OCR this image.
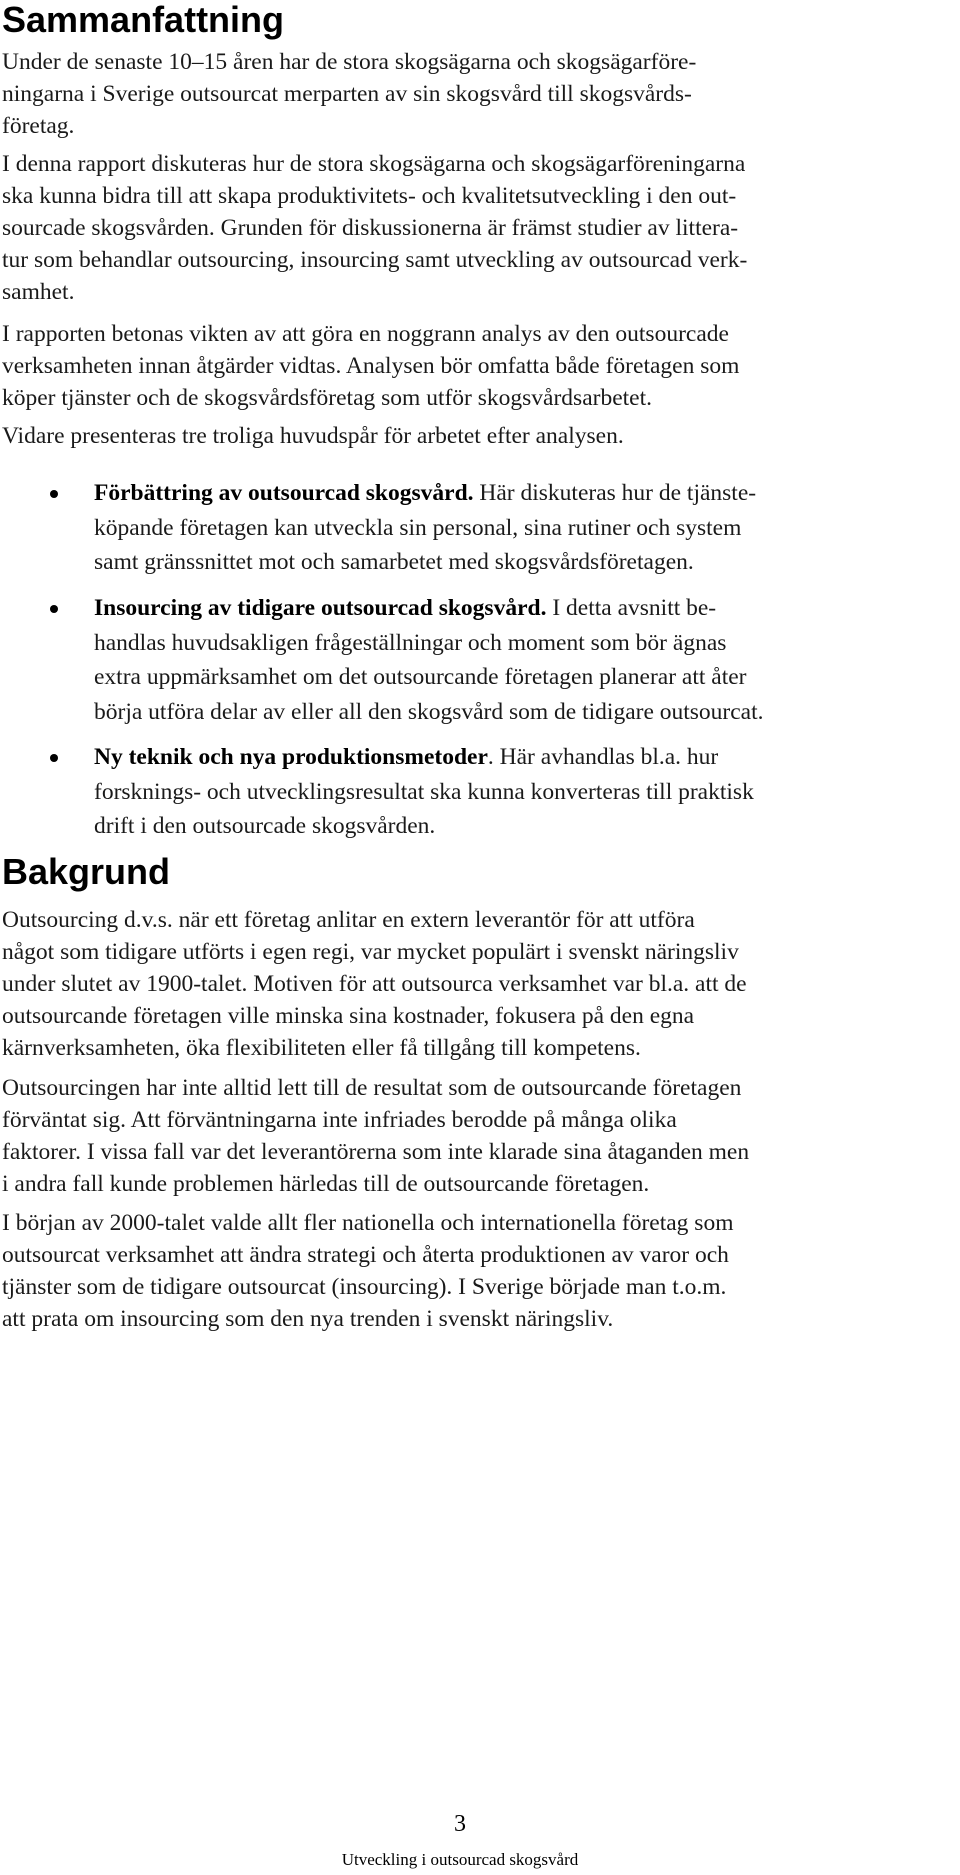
Sammanfattning

Under de senaste 10–15 åren har de stora skogsägarna och skogsägarföre-
ningarna i Sverige outsourcat merparten av sin skogsvård till skogsvårds-
företag.

I denna rapport diskuteras hur de stora skogsägarna och skogsägarföreningarna
ska kunna bidra till att skapa produktivitets- och kvalitetsutveckling i den out-
sourcade skogsvården. Grunden för diskussionerna är främst studier av littera-
tur som behandlar outsourcing, insourcing samt utveckling av outsourcad verk-
samhet.

I rapporten betonas vikten av att göra en noggrann analys av den outsourcade
verksamheten innan åtgärder vidtas. Analysen bör omfatta både företagen som
köper tjänster och de skogsvårdsföretag som utför skogsvårdsarbetet.

Vidare presenteras tre troliga huvudspår för arbetet efter analysen.

Förbättring av outsourcad skogsvård. Här diskuteras hur de tjänste-
köpande företagen kan utveckla sin personal, sina rutiner och system
samt gränssnittet mot och samarbetet med skogsvårdsföretagen.

Insourcing av tidigare outsourcad skogsvård. I detta avsnitt be-
handlas huvudsakligen frågeställningar och moment som bör ägnas
extra uppmärksamhet om det outsourcande företagen planerar att åter
börja utföra delar av eller all den skogsvård som de tidigare outsourcat.

Ny teknik och nya produktionsmetoder. Här avhandlas bl.a. hur
forsknings- och utvecklingsresultat ska kunna konverteras till praktisk
drift i den outsourcade skogsvården.

Bakgrund

Outsourcing d.v.s. när ett företag anlitar en extern leverantör för att utföra
något som tidigare utförts i egen regi, var mycket populärt i svenskt näringsliv
under slutet av 1900-talet. Motiven för att outsourca verksamhet var bl.a. att de
outsourcande företagen ville minska sina kostnader, fokusera på den egna
kärnverksamheten, öka flexibiliteten eller få tillgång till kompetens.

Outsourcingen har inte alltid lett till de resultat som de outsourcande företagen
förväntat sig. Att förväntningarna inte infriades berodde på många olika
faktorer. I vissa fall var det leverantörerna som inte klarade sina åtaganden men
i andra fall kunde problemen härledas till de outsourcande företagen.

I början av 2000-talet valde allt fler nationella och internationella företag som
outsourcat verksamhet att ändra strategi och återta produktionen av varor och
tjänster som de tidigare outsourcat (insourcing). I Sverige började man t.o.m.
att prata om insourcing som den nya trenden i svenskt näringsliv.

3
Utveckling i outsourcad skogsvård
